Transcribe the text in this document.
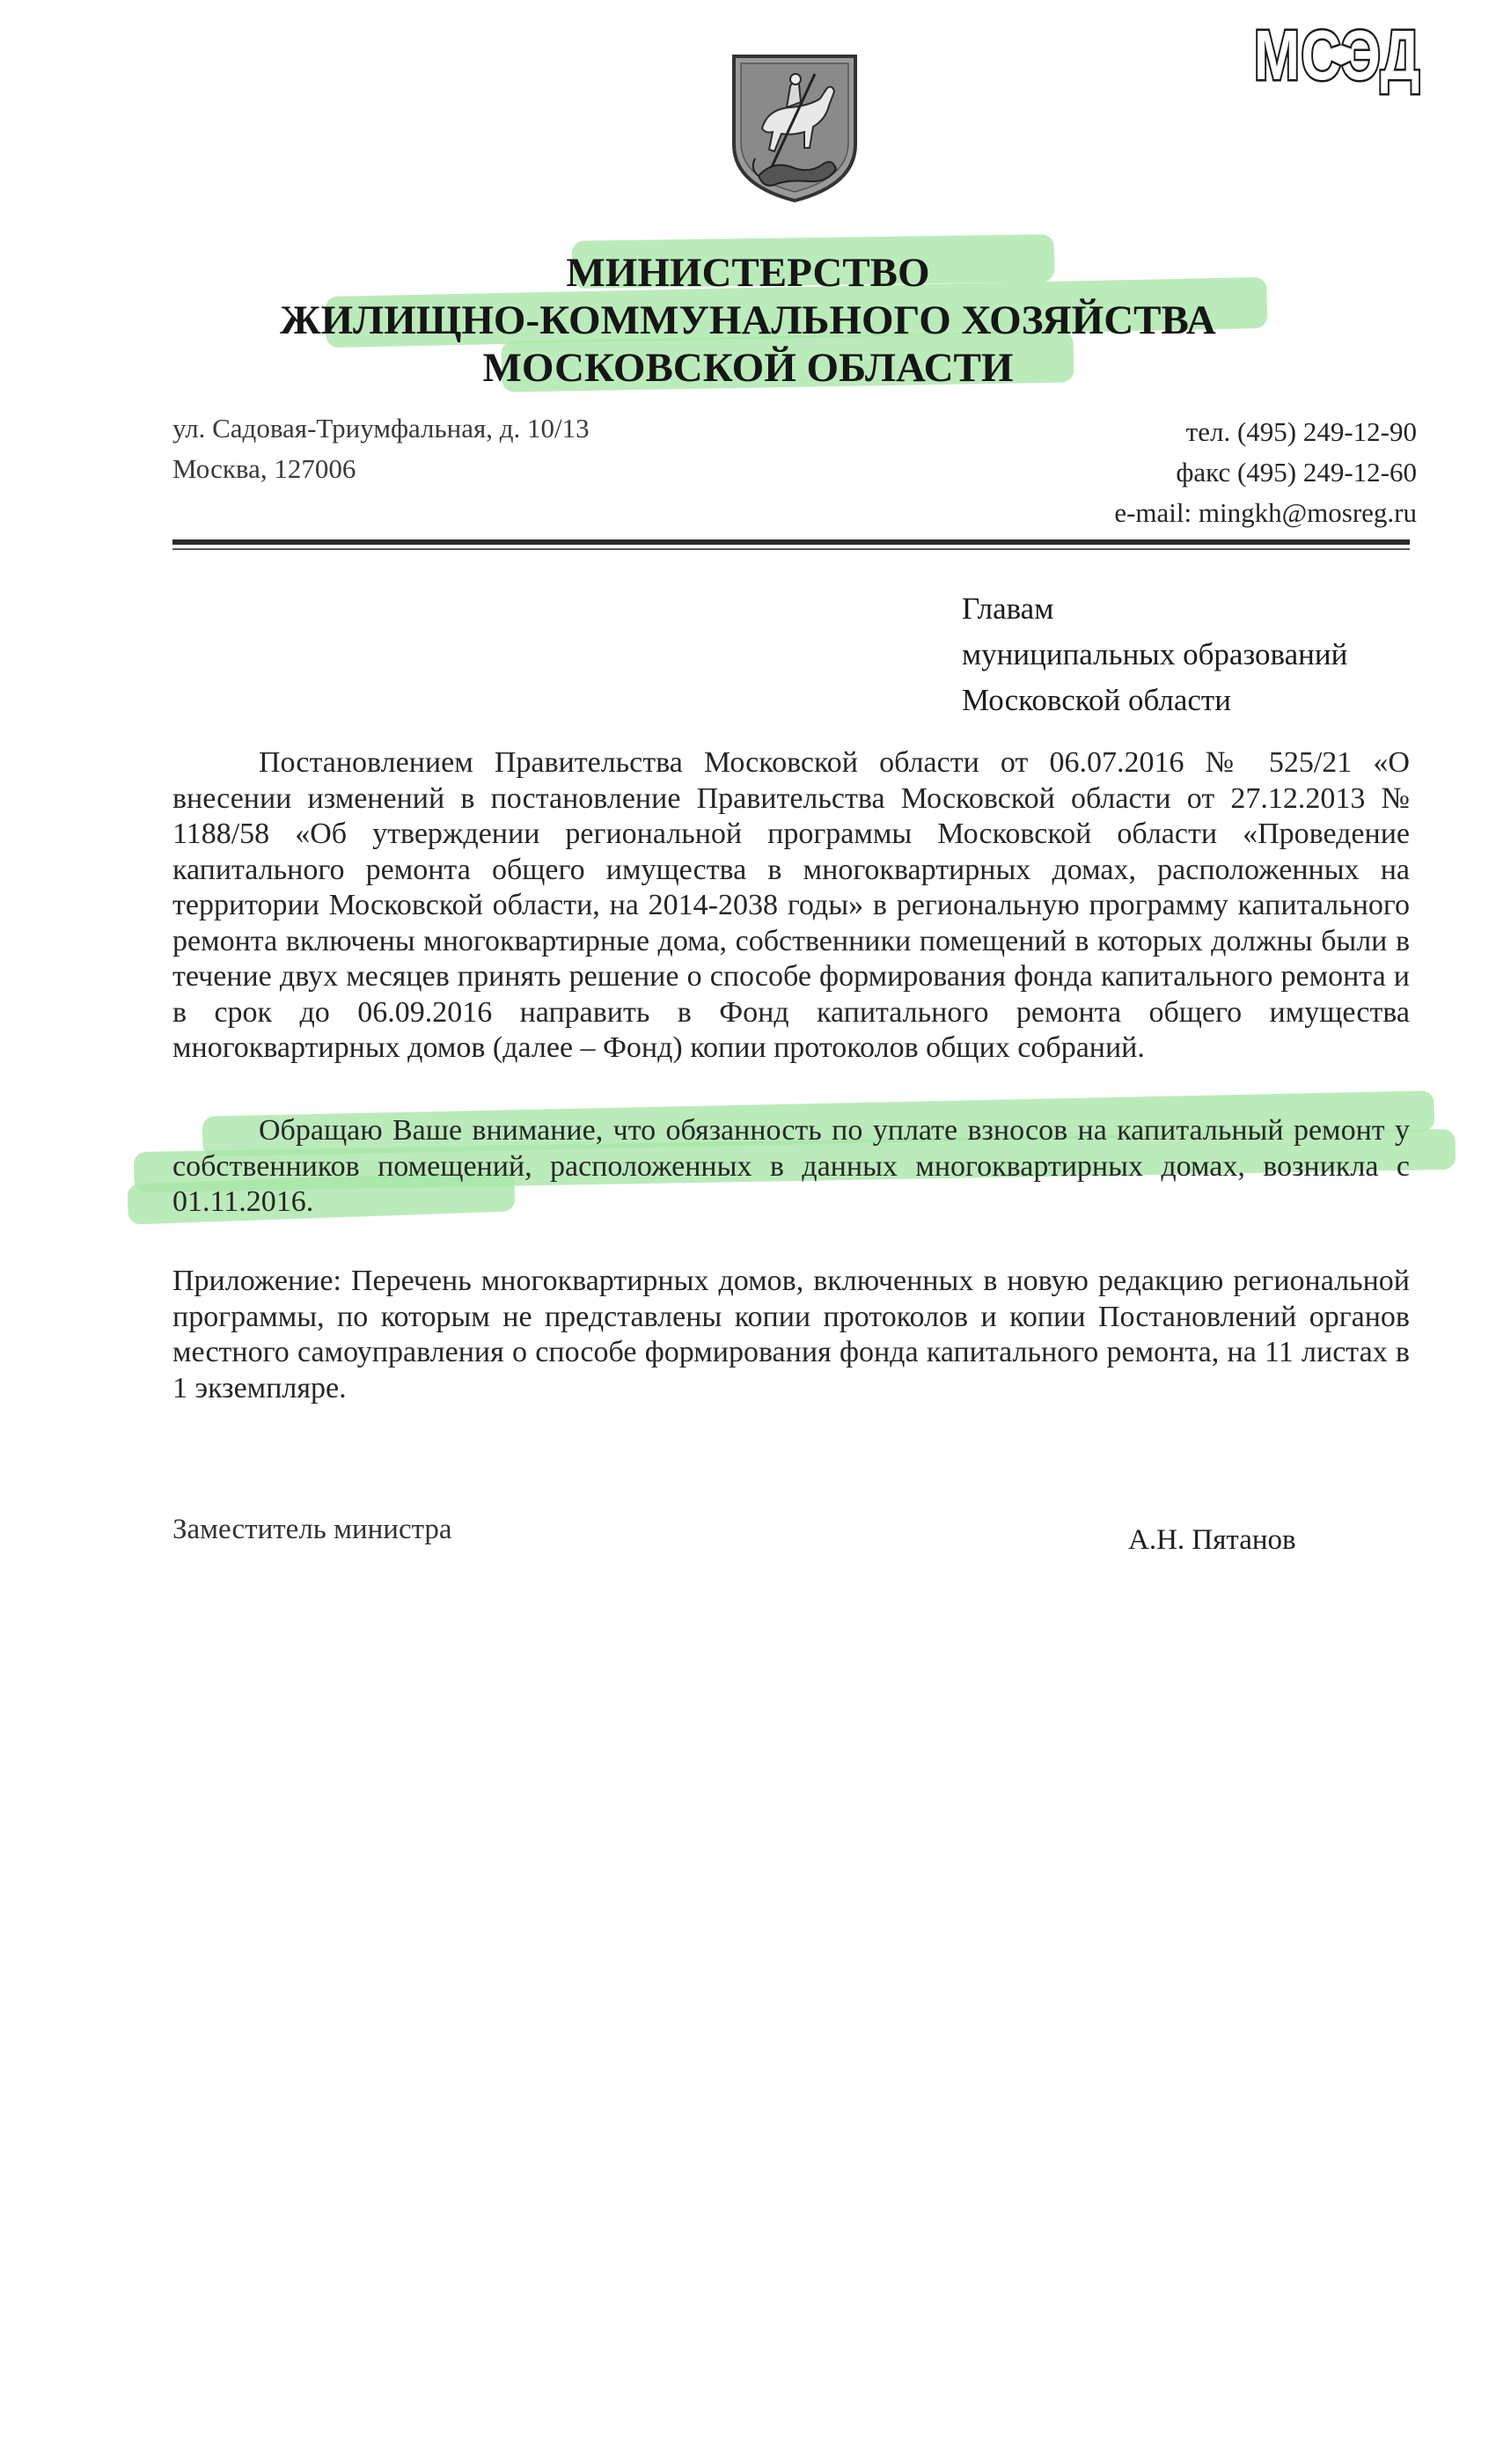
МСЭД
МИНИСТЕРСТВО
ЖИЛИЩНО-КОММУНАЛЬНОГО ХОЗЯЙСТВА
МОСКОВСКОЙ ОБЛАСТИ
ул. Садовая-Триумфальная, д. 10/13
Москва, 127006
тел. (495) 249-12-90
факс (495) 249-12-60
e-mail: mingkh@mosreg.ru
Главам
муниципальных образований
Московской области
Постановлением Правительства Московской области от 06.07.2016 № 525/21 «О внесении изменений в постановление Правительства Московской области от 27.12.2013 № 1188/58 «Об утверждении региональной программы Московской области «Проведение капитального ремонта общего имущества в многоквартирных домах, расположенных на территории Московской области, на 2014-2038 годы» в региональную программу капитального ремонта включены многоквартирные дома, собственники помещений в которых должны были в течение двух месяцев принять решение о способе формирования фонда капитального ремонта и в срок до 06.09.2016 направить в Фонд капитального ремонта общего имущества многоквартирных домов (далее – Фонд) копии протоколов общих собраний.
Обращаю Ваше внимание, что обязанность по уплате взносов на капитальный ремонт у собственников помещений, расположенных в данных многоквартирных домах, возникла с 01.11.2016.
Приложение: Перечень многоквартирных домов, включенных в новую редакцию региональной программы, по которым не представлены копии протоколов и копии Постановлений органов местного самоуправления о способе формирования фонда капитального ремонта, на 11 листах в 1 экземпляре.
Заместитель министра	А.Н. Пятанов
